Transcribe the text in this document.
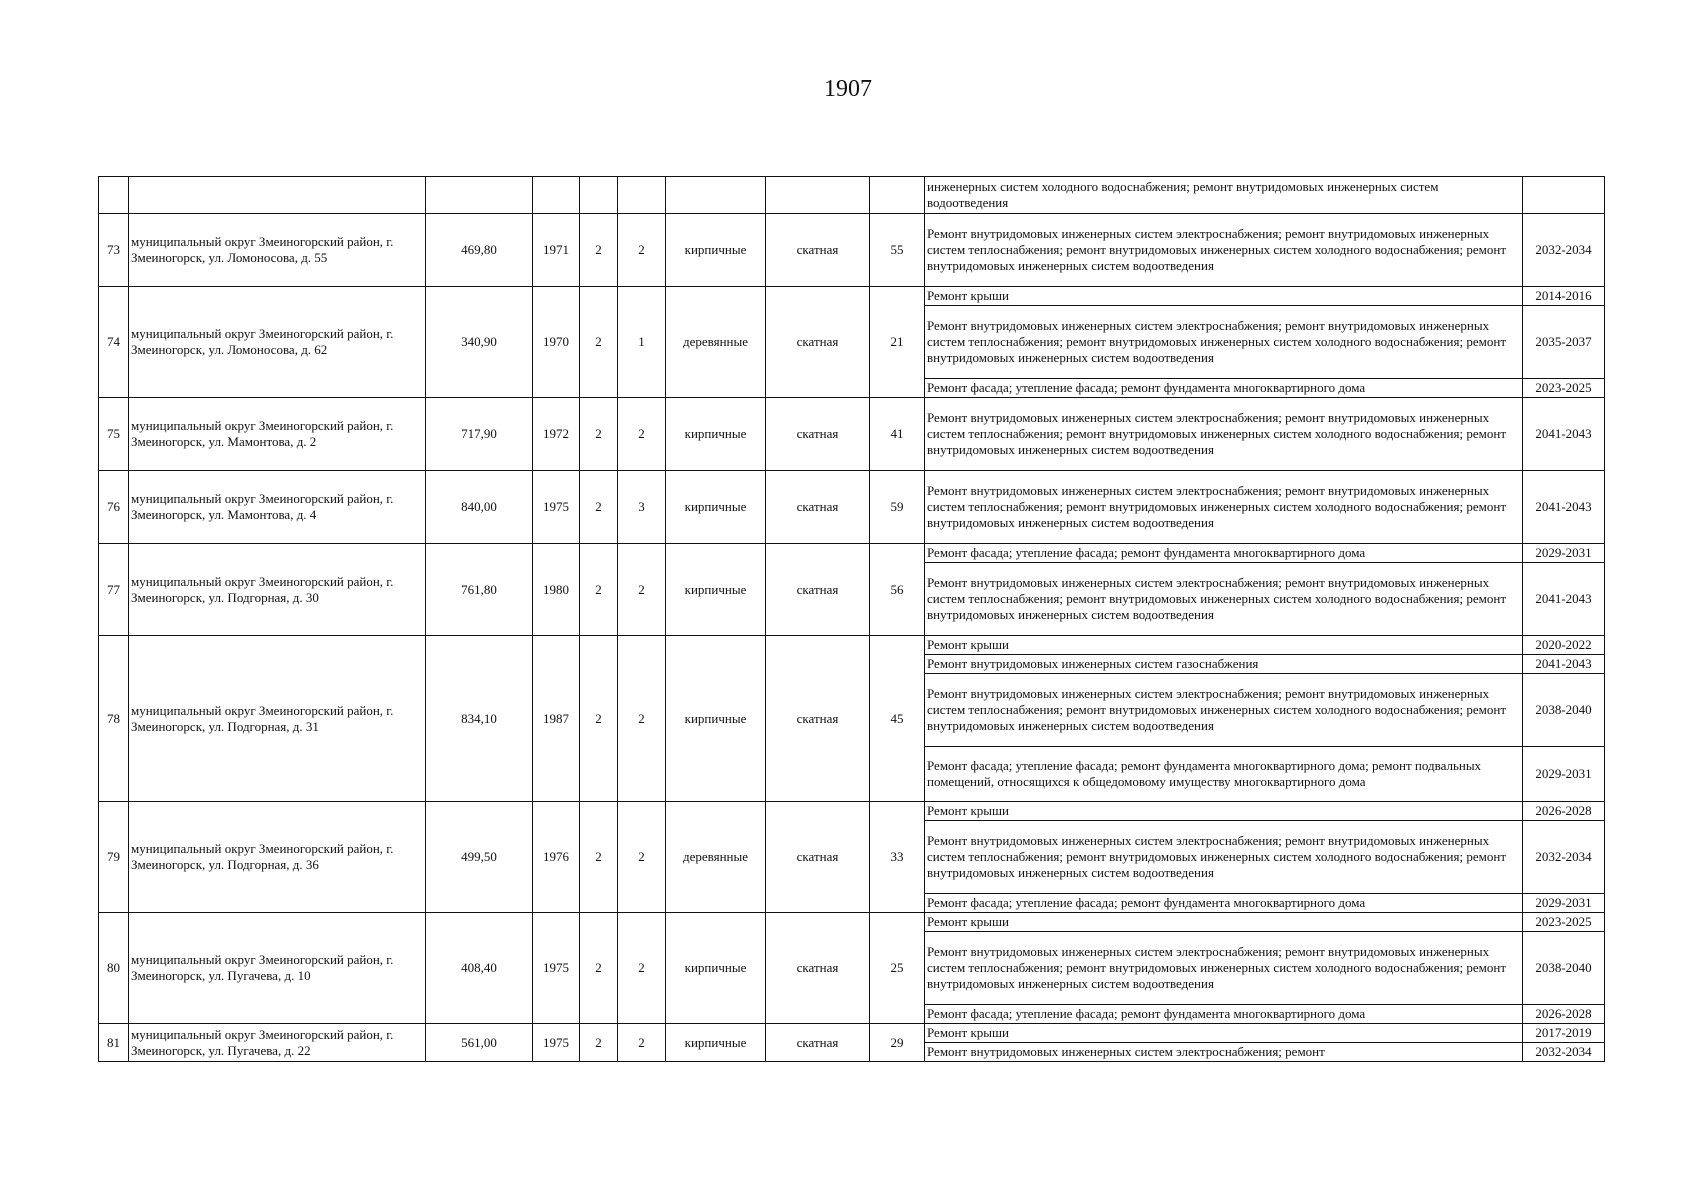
1907
									инженерных систем холодного водоснабжения; ремонт внутридомовых инженерных систем водоотведения	
73	муниципальный округ Змеиногорский район, г. Змеиногорск, ул. Ломоносова, д. 55	469,80	1971	2	2	кирпичные	скатная	55	Ремонт внутридомовых инженерных систем электроснабжения; ремонт внутридомовых инженерных систем теплоснабжения; ремонт внутридомовых инженерных систем холодного водоснабжения; ремонт внутридомовых инженерных систем водоотведения	2032-2034
74	муниципальный округ Змеиногорский район, г. Змеиногорск, ул. Ломоносова, д. 62	340,90	1970	2	1	деревянные	скатная	21	Ремонт крыши	2014-2016
									Ремонт внутридомовых инженерных систем электроснабжения; ремонт внутридомовых инженерных систем теплоснабжения; ремонт внутридомовых инженерных систем холодного водоснабжения; ремонт внутридомовых инженерных систем водоотведения	2035-2037
									Ремонт фасада; утепление фасада; ремонт фундамента многоквартирного дома	2023-2025
75	муниципальный округ Змеиногорский район, г. Змеиногорск, ул. Мамонтова, д. 2	717,90	1972	2	2	кирпичные	скатная	41	Ремонт внутридомовых инженерных систем электроснабжения; ремонт внутридомовых инженерных систем теплоснабжения; ремонт внутридомовых инженерных систем холодного водоснабжения; ремонт внутридомовых инженерных систем водоотведения	2041-2043
76	муниципальный округ Змеиногорский район, г. Змеиногорск, ул. Мамонтова, д. 4	840,00	1975	2	3	кирпичные	скатная	59	Ремонт внутридомовых инженерных систем электроснабжения; ремонт внутридомовых инженерных систем теплоснабжения; ремонт внутридомовых инженерных систем холодного водоснабжения; ремонт внутридомовых инженерных систем водоотведения	2041-2043
77	муниципальный округ Змеиногорский район, г. Змеиногорск, ул. Подгорная, д. 30	761,80	1980	2	2	кирпичные	скатная	56	Ремонт фасада; утепление фасада; ремонт фундамента многоквартирного дома	2029-2031
									Ремонт внутридомовых инженерных систем электроснабжения; ремонт внутридомовых инженерных систем теплоснабжения; ремонт внутридомовых инженерных систем холодного водоснабжения; ремонт внутридомовых инженерных систем водоотведения	2041-2043
78	муниципальный округ Змеиногорский район, г. Змеиногорск, ул. Подгорная, д. 31	834,10	1987	2	2	кирпичные	скатная	45	Ремонт крыши	2020-2022
									Ремонт внутридомовых инженерных систем газоснабжения	2041-2043
									Ремонт внутридомовых инженерных систем электроснабжения; ремонт внутридомовых инженерных систем теплоснабжения; ремонт внутридомовых инженерных систем холодного водоснабжения; ремонт внутридомовых инженерных систем водоотведения	2038-2040
									Ремонт фасада; утепление фасада; ремонт фундамента многоквартирного дома; ремонт подвальных помещений, относящихся к общедомовому имуществу многоквартирного дома	2029-2031
79	муниципальный округ Змеиногорский район, г. Змеиногорск, ул. Подгорная, д. 36	499,50	1976	2	2	деревянные	скатная	33	Ремонт крыши	2026-2028
									Ремонт внутридомовых инженерных систем электроснабжения; ремонт внутридомовых инженерных систем теплоснабжения; ремонт внутридомовых инженерных систем холодного водоснабжения; ремонт внутридомовых инженерных систем водоотведения	2032-2034
									Ремонт фасада; утепление фасада; ремонт фундамента многоквартирного дома	2029-2031
80	муниципальный округ Змеиногорский район, г. Змеиногорск, ул. Пугачева, д. 10	408,40	1975	2	2	кирпичные	скатная	25	Ремонт крыши	2023-2025
									Ремонт внутридомовых инженерных систем электроснабжения; ремонт внутридомовых инженерных систем теплоснабжения; ремонт внутридомовых инженерных систем холодного водоснабжения; ремонт внутридомовых инженерных систем водоотведения	2038-2040
									Ремонт фасада; утепление фасада; ремонт фундамента многоквартирного дома	2026-2028
81	муниципальный округ Змеиногорский район, г. Змеиногорск, ул. Пугачева, д. 22	561,00	1975	2	2	кирпичные	скатная	29	Ремонт крыши	2017-2019
									Ремонт внутридомовых инженерных систем электроснабжения; ремонт	2032-2034
